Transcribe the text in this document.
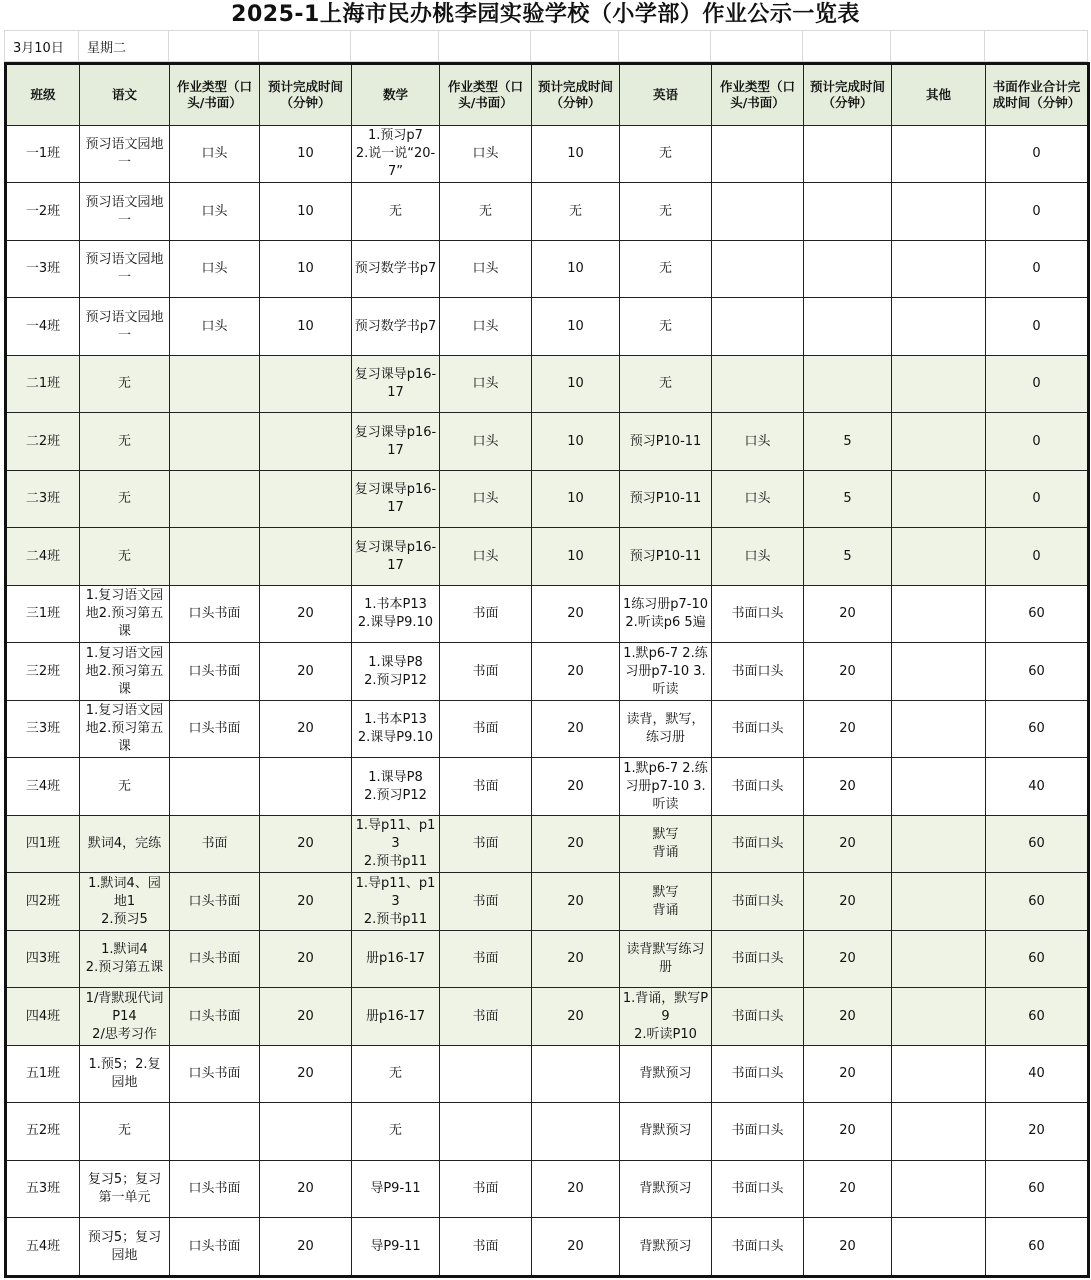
2025-1上海市民办桃李园实验学校（小学部）作业公示一览表
3月10日	星期二										
班级	语文	作业类型（口头/书面）	预计完成时间（分钟）	数学	作业类型（口头/书面）	预计完成时间（分钟）	英语	作业类型（口头/书面）	预计完成时间（分钟）	其他	书面作业合计完成时间（分钟）

一1班	预习语文园地一	口头	10	1.预习p7
2.说一说“20-7”	口头	10	无				0

一2班	预习语文园地一	口头	10	无	无	无	无				0

一3班	预习语文园地一	口头	10	预习数学书p7	口头	10	无				0

一4班	预习语文园地一	口头	10	预习数学书p7	口头	10	无				0

二1班	无			复习课导p16-17	口头	10	无				0

二2班	无			复习课导p16-17	口头	10	预习P10-11	口头	5		0

二3班	无			复习课导p16-17	口头	10	预习P10-11	口头	5		0

二4班	无			复习课导p16-17	口头	10	预习P10-11	口头	5		0

三1班	1.复习语文园地2.预习第五课	口头书面	20	1.书本P13
2.课导P9.10	书面	20	1练习册p7-10 2.听读p6 5遍	书面口头	20		60

三2班	1.复习语文园地2.预习第五课	口头书面	20	1.课导P8
2.预习P12	书面	20	1.默p6-7 2.练习册p7-10 3.听读	书面口头	20		60

三3班	1.复习语文园地2.预习第五课	口头书面	20	1.书本P13
2.课导P9.10	书面	20	读背，默写，练习册	书面口头	20		60

三4班	无			1.课导P8
2.预习P12	书面	20	1.默p6-7 2.练习册p7-10 3.听读	书面口头	20		40

四1班	默词4，完练	书面	20	1.导p11、p13
2.预书p11	书面	20	默写
背诵	书面口头	20		60

四2班	1.默词4、园地1
2.预习5	口头书面	20	1.导p11、p13
2.预书p11	书面	20	默写
背诵	书面口头	20		60

四3班	1.默词4
2.预习第五课	口头书面	20	册p16-17	书面	20	读背默写练习册	书面口头	20		60

四4班	1/背默现代词P14
2/思考习作	口头书面	20	册p16-17	书面	20	1.背诵，默写P9
2.听读P10	书面口头	20		60

五1班	1.预5；2.复园地	口头书面	20	无			背默预习	书面口头	20		40

五2班	无			无			背默预习	书面口头	20		20

五3班	复习5；复习第一单元	口头书面	20	导P9-11	书面	20	背默预习	书面口头	20		60

五4班	预习5；复习园地	口头书面	20	导P9-11	书面	20	背默预习	书面口头	20		60
